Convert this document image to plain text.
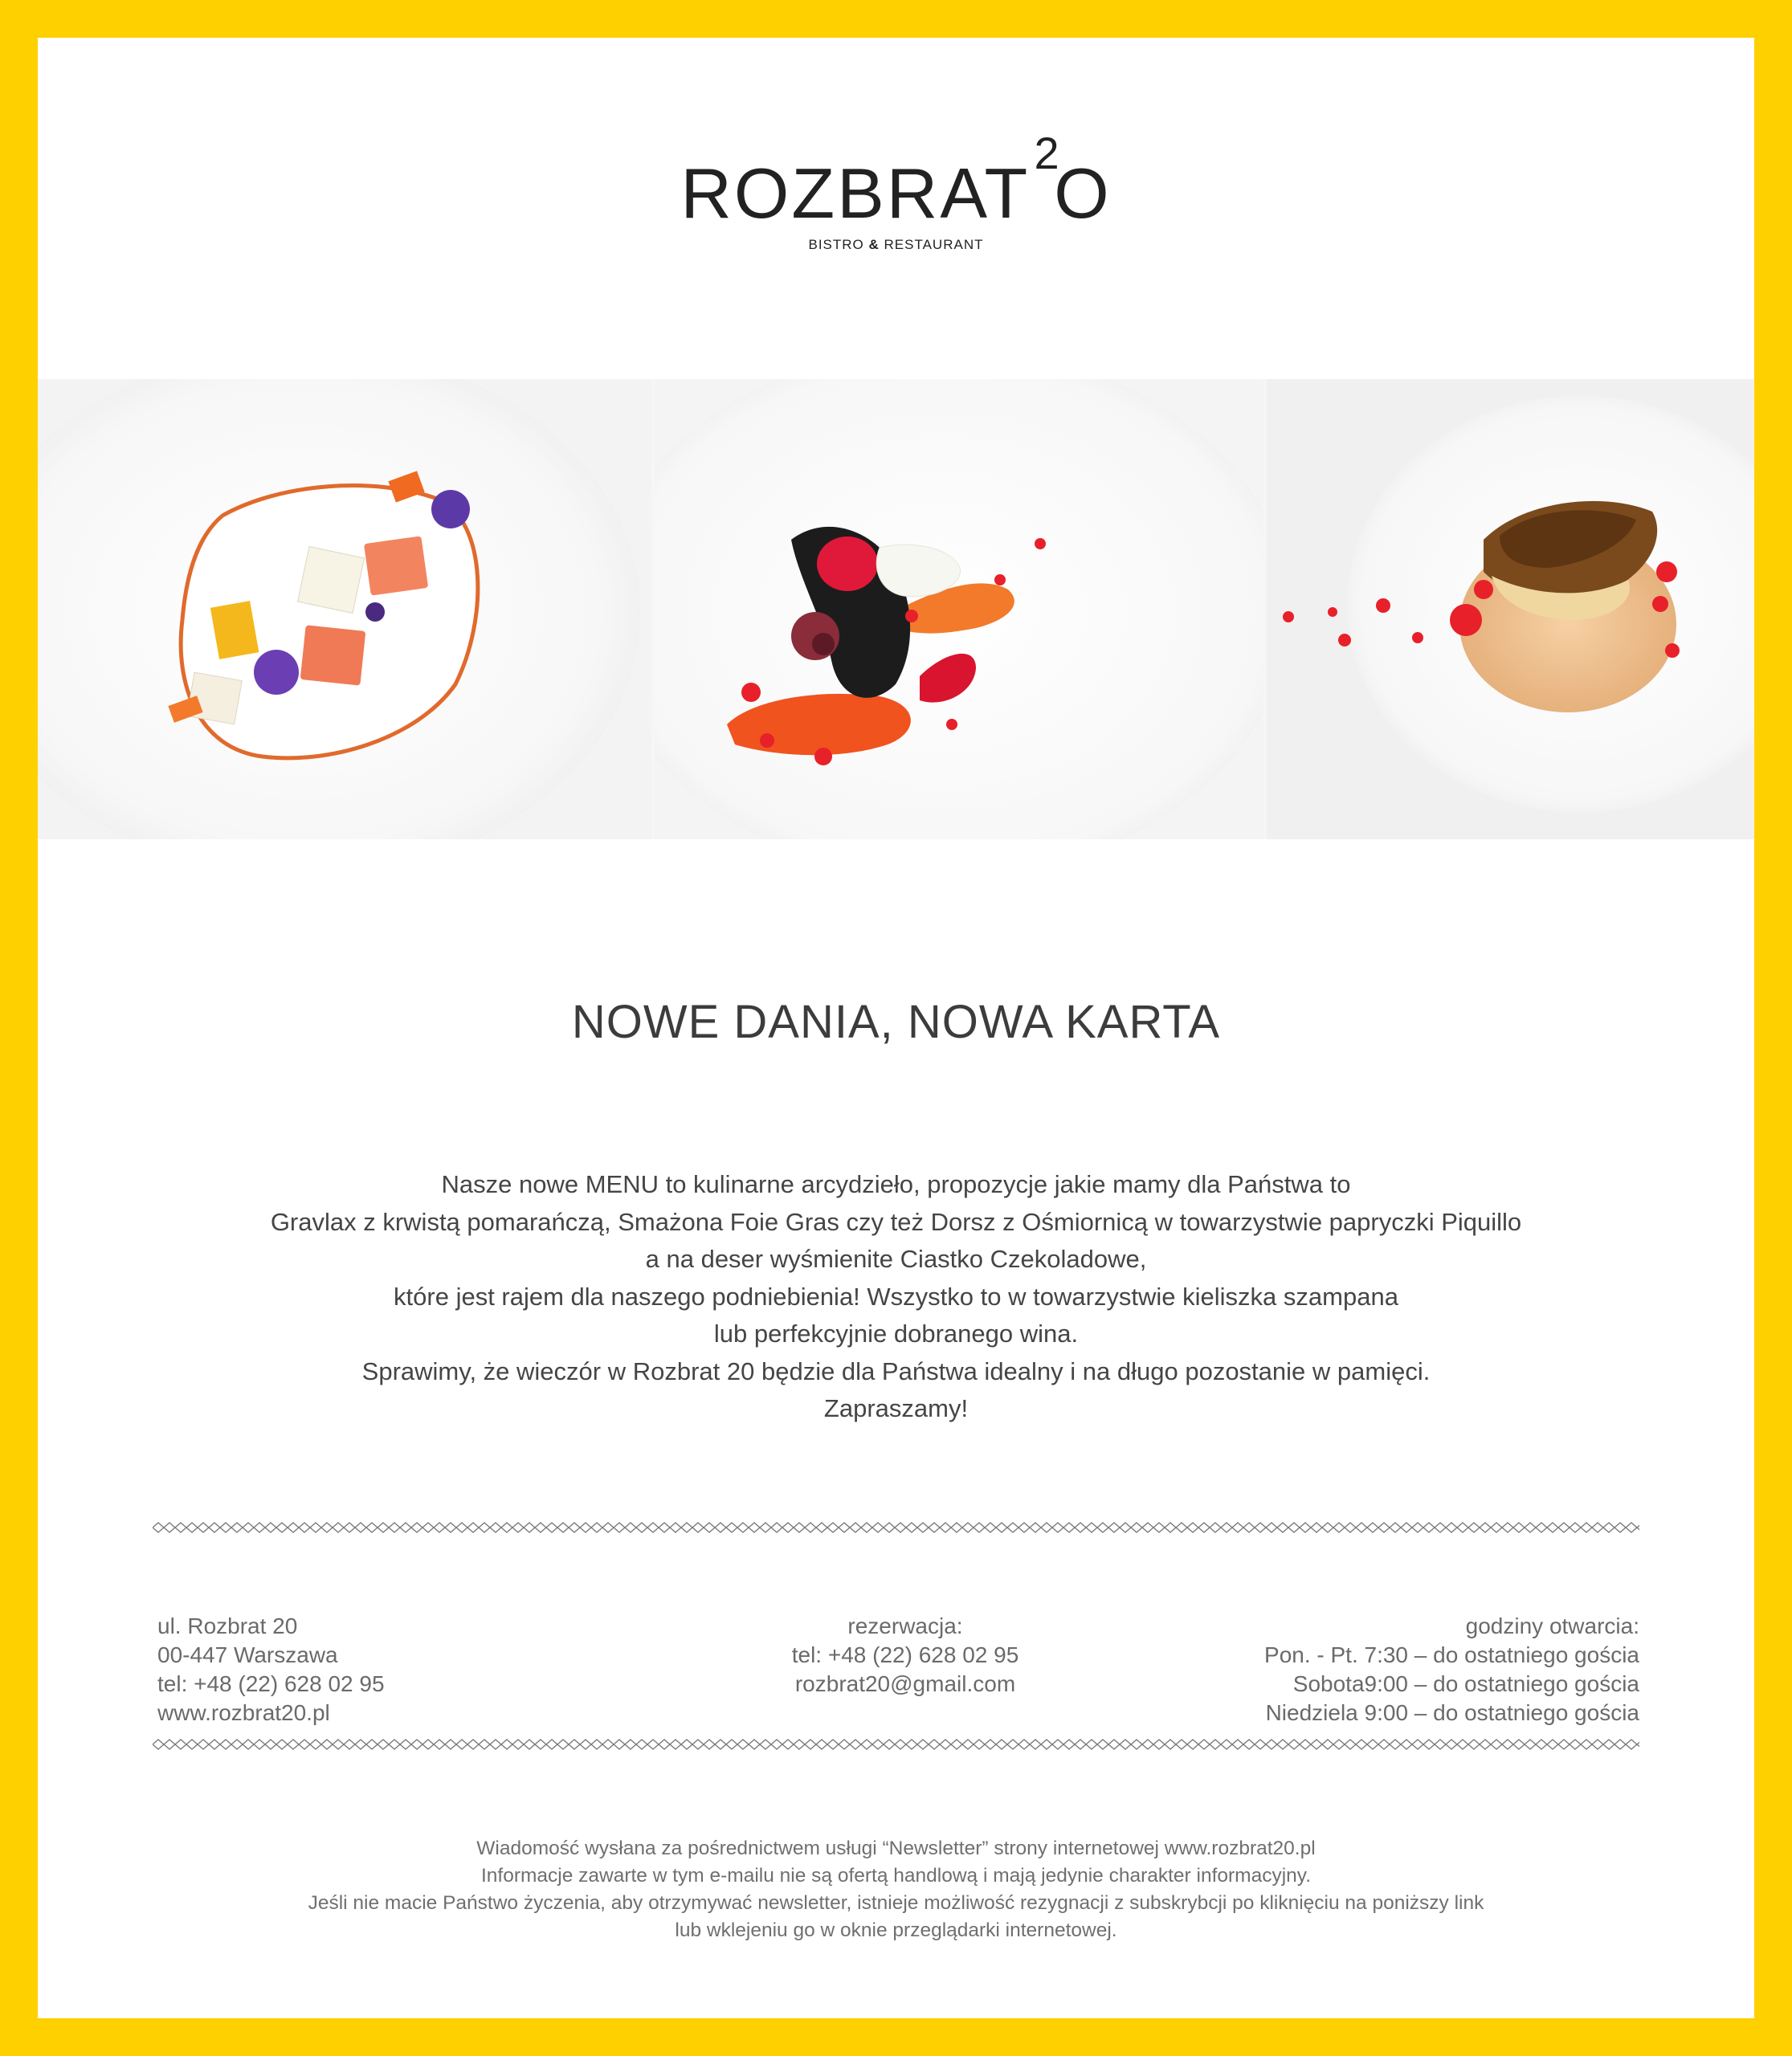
ROZBRAT O
2
BISTRO & RESTAURANT
NOWE DANIA, NOWA KARTA
Nasze nowe MENU to kulinarne arcydzieło, propozycje jakie mamy dla Państwa to
Gravlax z krwistą pomarańczą, Smażona Foie Gras czy też Dorsz z Ośmiornicą w towarzystwie papryczki Piquillo
a na deser wyśmienite Ciastko Czekoladowe,
które jest rajem dla naszego podniebienia! Wszystko to w towarzystwie kieliszka szampana
lub perfekcyjnie dobranego wina.
Sprawimy, że wieczór w Rozbrat 20 będzie dla Państwa idealny i na długo pozostanie w pamięci.
Zapraszamy!
ul. Rozbrat 20
00-447 Warszawa
tel: +48 (22) 628 02 95
www.rozbrat20.pl
rezerwacja:
tel: +48 (22) 628 02 95
rozbrat20@gmail.com
godziny otwarcia:
Pon. - Pt. 7:30 – do ostatniego gościa
Sobota9:00 – do ostatniego gościa
Niedziela 9:00 – do ostatniego gościa
Wiadomość wysłana za pośrednictwem usługi “Newsletter” strony internetowej www.rozbrat20.pl
Informacje zawarte w tym e-mailu nie są ofertą handlową i mają jedynie charakter informacyjny.
Jeśli nie macie Państwo życzenia, aby otrzymywać newsletter, istnieje możliwość rezygnacji z subskrybcji po kliknięciu na poniższy link
lub wklejeniu go w oknie przeglądarki internetowej.
